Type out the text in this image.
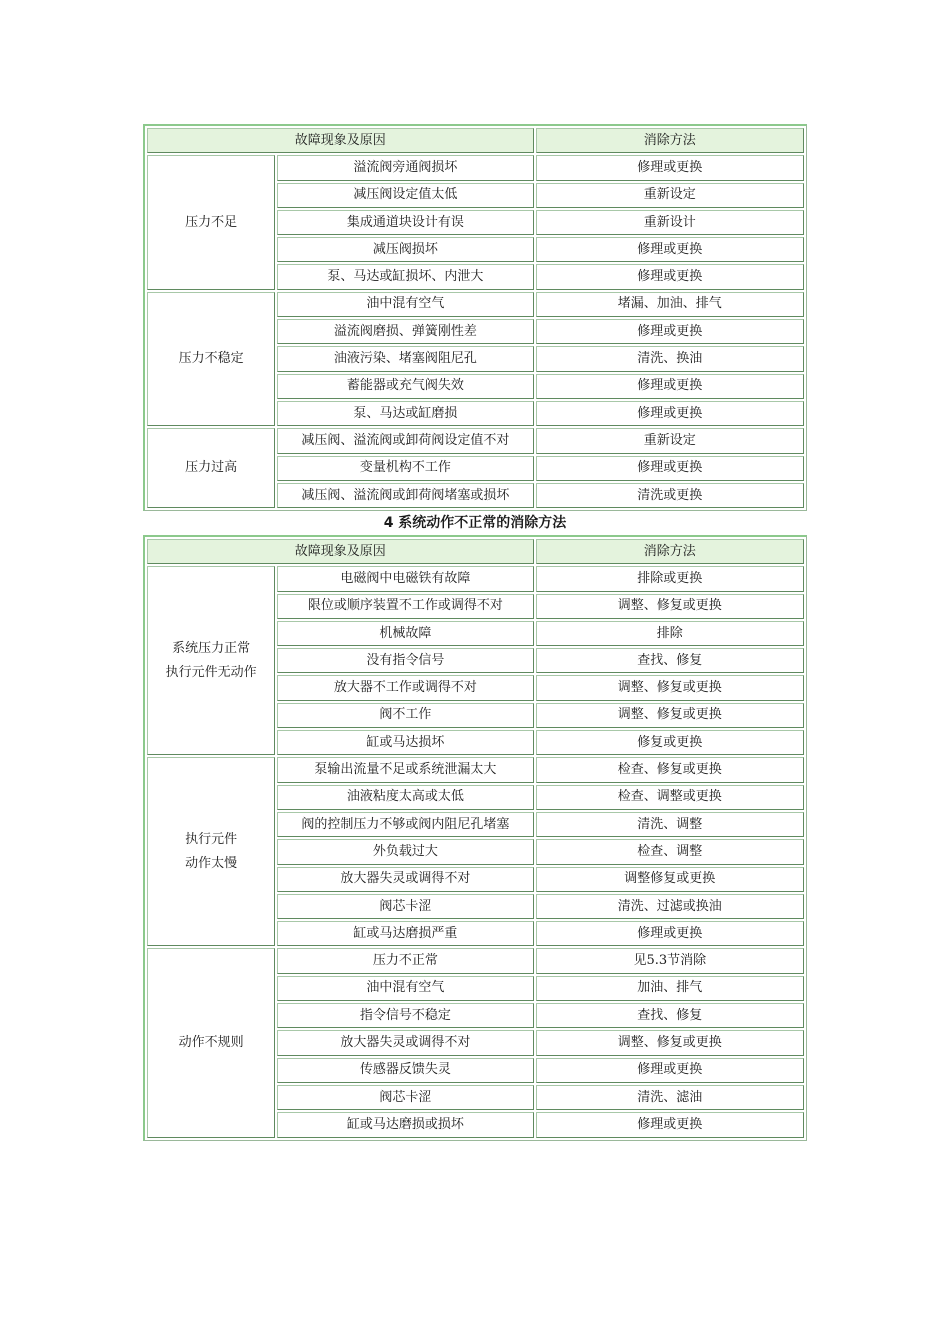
故障现象及原因		消除方法
压力不足	溢流阀旁通阀损坏	修理或更换
	减压阀设定值太低	重新设定
	集成通道块设计有误	重新设计
	减压阀损坏	修理或更换
	泵、马达或缸损坏、内泄大	修理或更换
压力不稳定	油中混有空气	堵漏、加油、排气
	溢流阀磨损、弹簧刚性差	修理或更换
	油液污染、堵塞阀阻尼孔	清洗、换油
	蓄能器或充气阀失效	修理或更换
	泵、马达或缸磨损	修理或更换
压力过高	减压阀、溢流阀或卸荷阀设定值不对	重新设定
	变量机构不工作	修理或更换
	减压阀、溢流阀或卸荷阀堵塞或损坏	清洗或更换
4 系统动作不正常的消除方法
故障现象及原因		消除方法

系统压力正常
执行元件无动作	电磁阀中电磁铁有故障	排除或更换
	限位或顺序装置不工作或调得不对	调整、修复或更换
	机械故障	排除
	没有指令信号	查找、修复
	放大器不工作或调得不对	调整、修复或更换
	阀不工作	调整、修复或更换
	缸或马达损坏	修复或更换

执行元件
动作太慢	泵输出流量不足或系统泄漏太大	检查、修复或更换
	油液粘度太高或太低	检查、调整或更换
	阀的控制压力不够或阀内阻尼孔堵塞	清洗、调整
	外负载过大	检查、调整
	放大器失灵或调得不对	调整修复或更换
	阀芯卡涩	清洗、过滤或换油
	缸或马达磨损严重	修理或更换
动作不规则	压力不正常	见5.3节消除
	油中混有空气	加油、排气
	指令信号不稳定	查找、修复
	放大器失灵或调得不对	调整、修复或更换
	传感器反馈失灵	修理或更换
	阀芯卡涩	清洗、滤油
	缸或马达磨损或损坏	修理或更换
